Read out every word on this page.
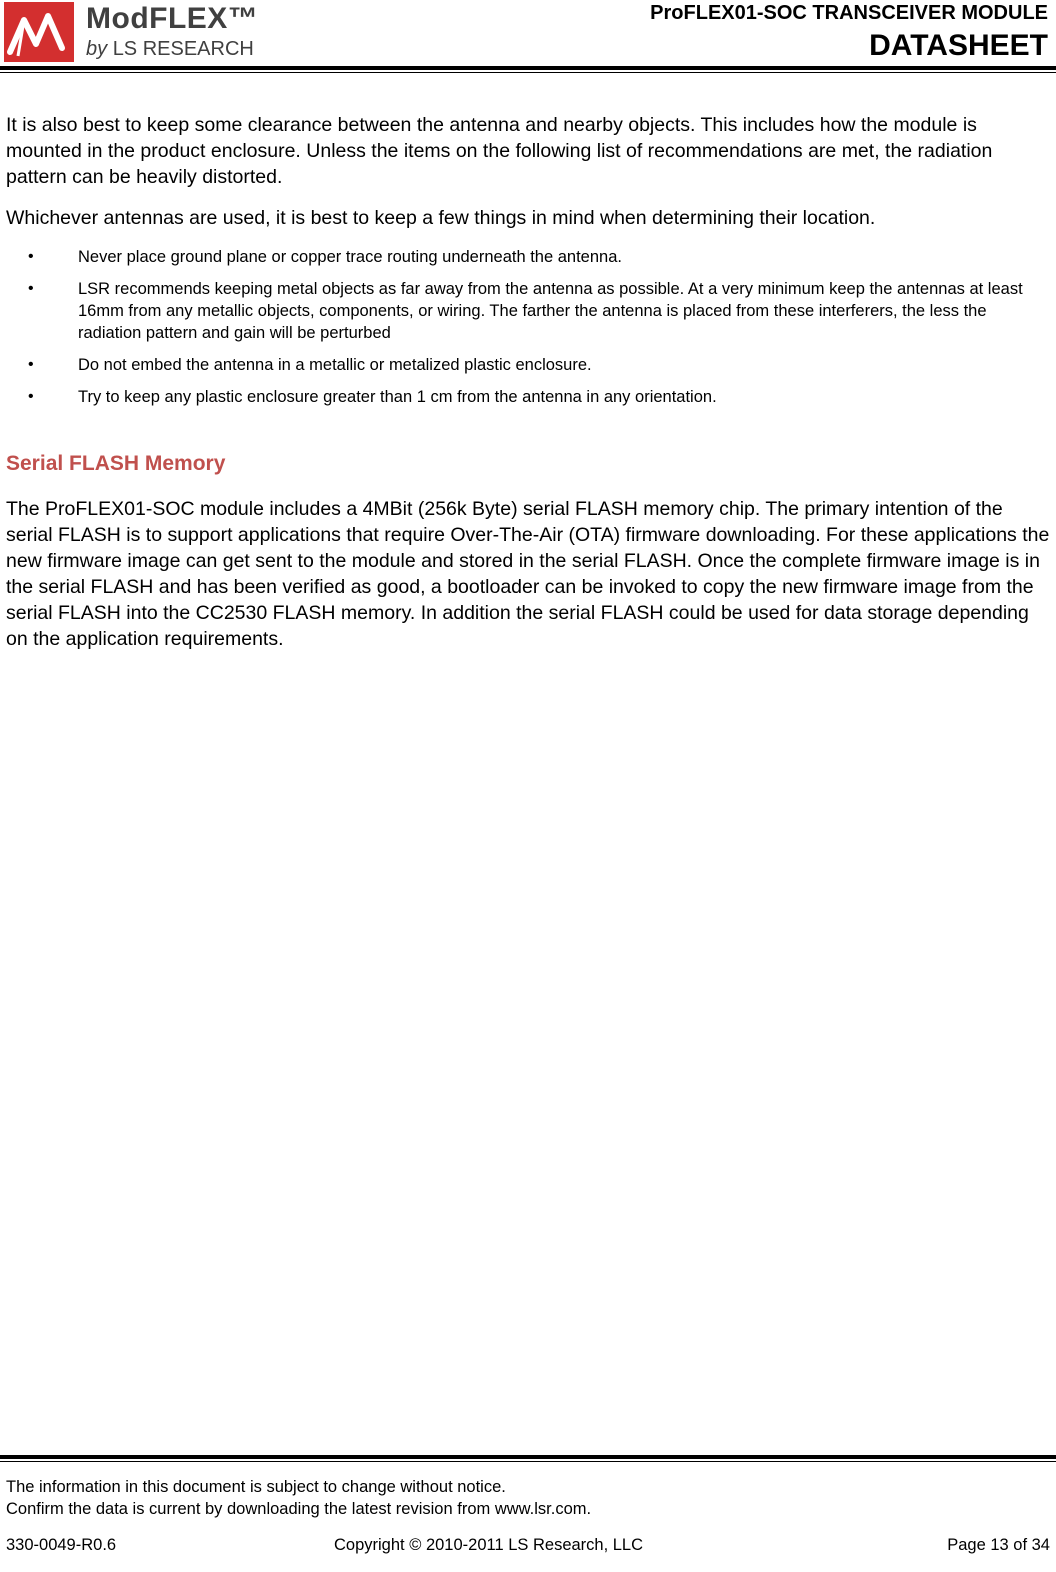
ModFLEX™
by LS RESEARCH
ProFLEX01-SOC TRANSCEIVER MODULE
DATASHEET

It is also best to keep some clearance between the antenna and nearby objects. This includes how the module is mounted in the product enclosure. Unless the items on the following list of recommendations are met, the radiation pattern can be heavily distorted.

Whichever antennas are used, it is best to keep a few things in mind when determining their location.

•	Never place ground plane or copper trace routing underneath the antenna.
•	LSR recommends keeping metal objects as far away from the antenna as possible. At a very minimum keep the antennas at least 16mm from any metallic objects, components, or wiring. The farther the antenna is placed from these interferers, the less the radiation pattern and gain will be perturbed
•	Do not embed the antenna in a metallic or metalized plastic enclosure.
•	Try to keep any plastic enclosure greater than 1 cm from the antenna in any orientation.
Serial FLASH Memory

The ProFLEX01-SOC module includes a 4MBit (256k Byte) serial FLASH memory chip. The primary intention of the serial FLASH is to support applications that require Over-The-Air (OTA) firmware downloading. For these applications the new firmware image can get sent to the module and stored in the serial FLASH. Once the complete firmware image is in the serial FLASH and has been verified as good, a bootloader can be invoked to copy the new firmware image from the serial FLASH into the CC2530 FLASH memory. In addition the serial FLASH could be used for data storage depending on the application requirements.

The information in this document is subject to change without notice.
Confirm the data is current by downloading the latest revision from www.lsr.com.
330-0049-R0.6	Copyright © 2010-2011 LS Research, LLC	Page 13 of 34
